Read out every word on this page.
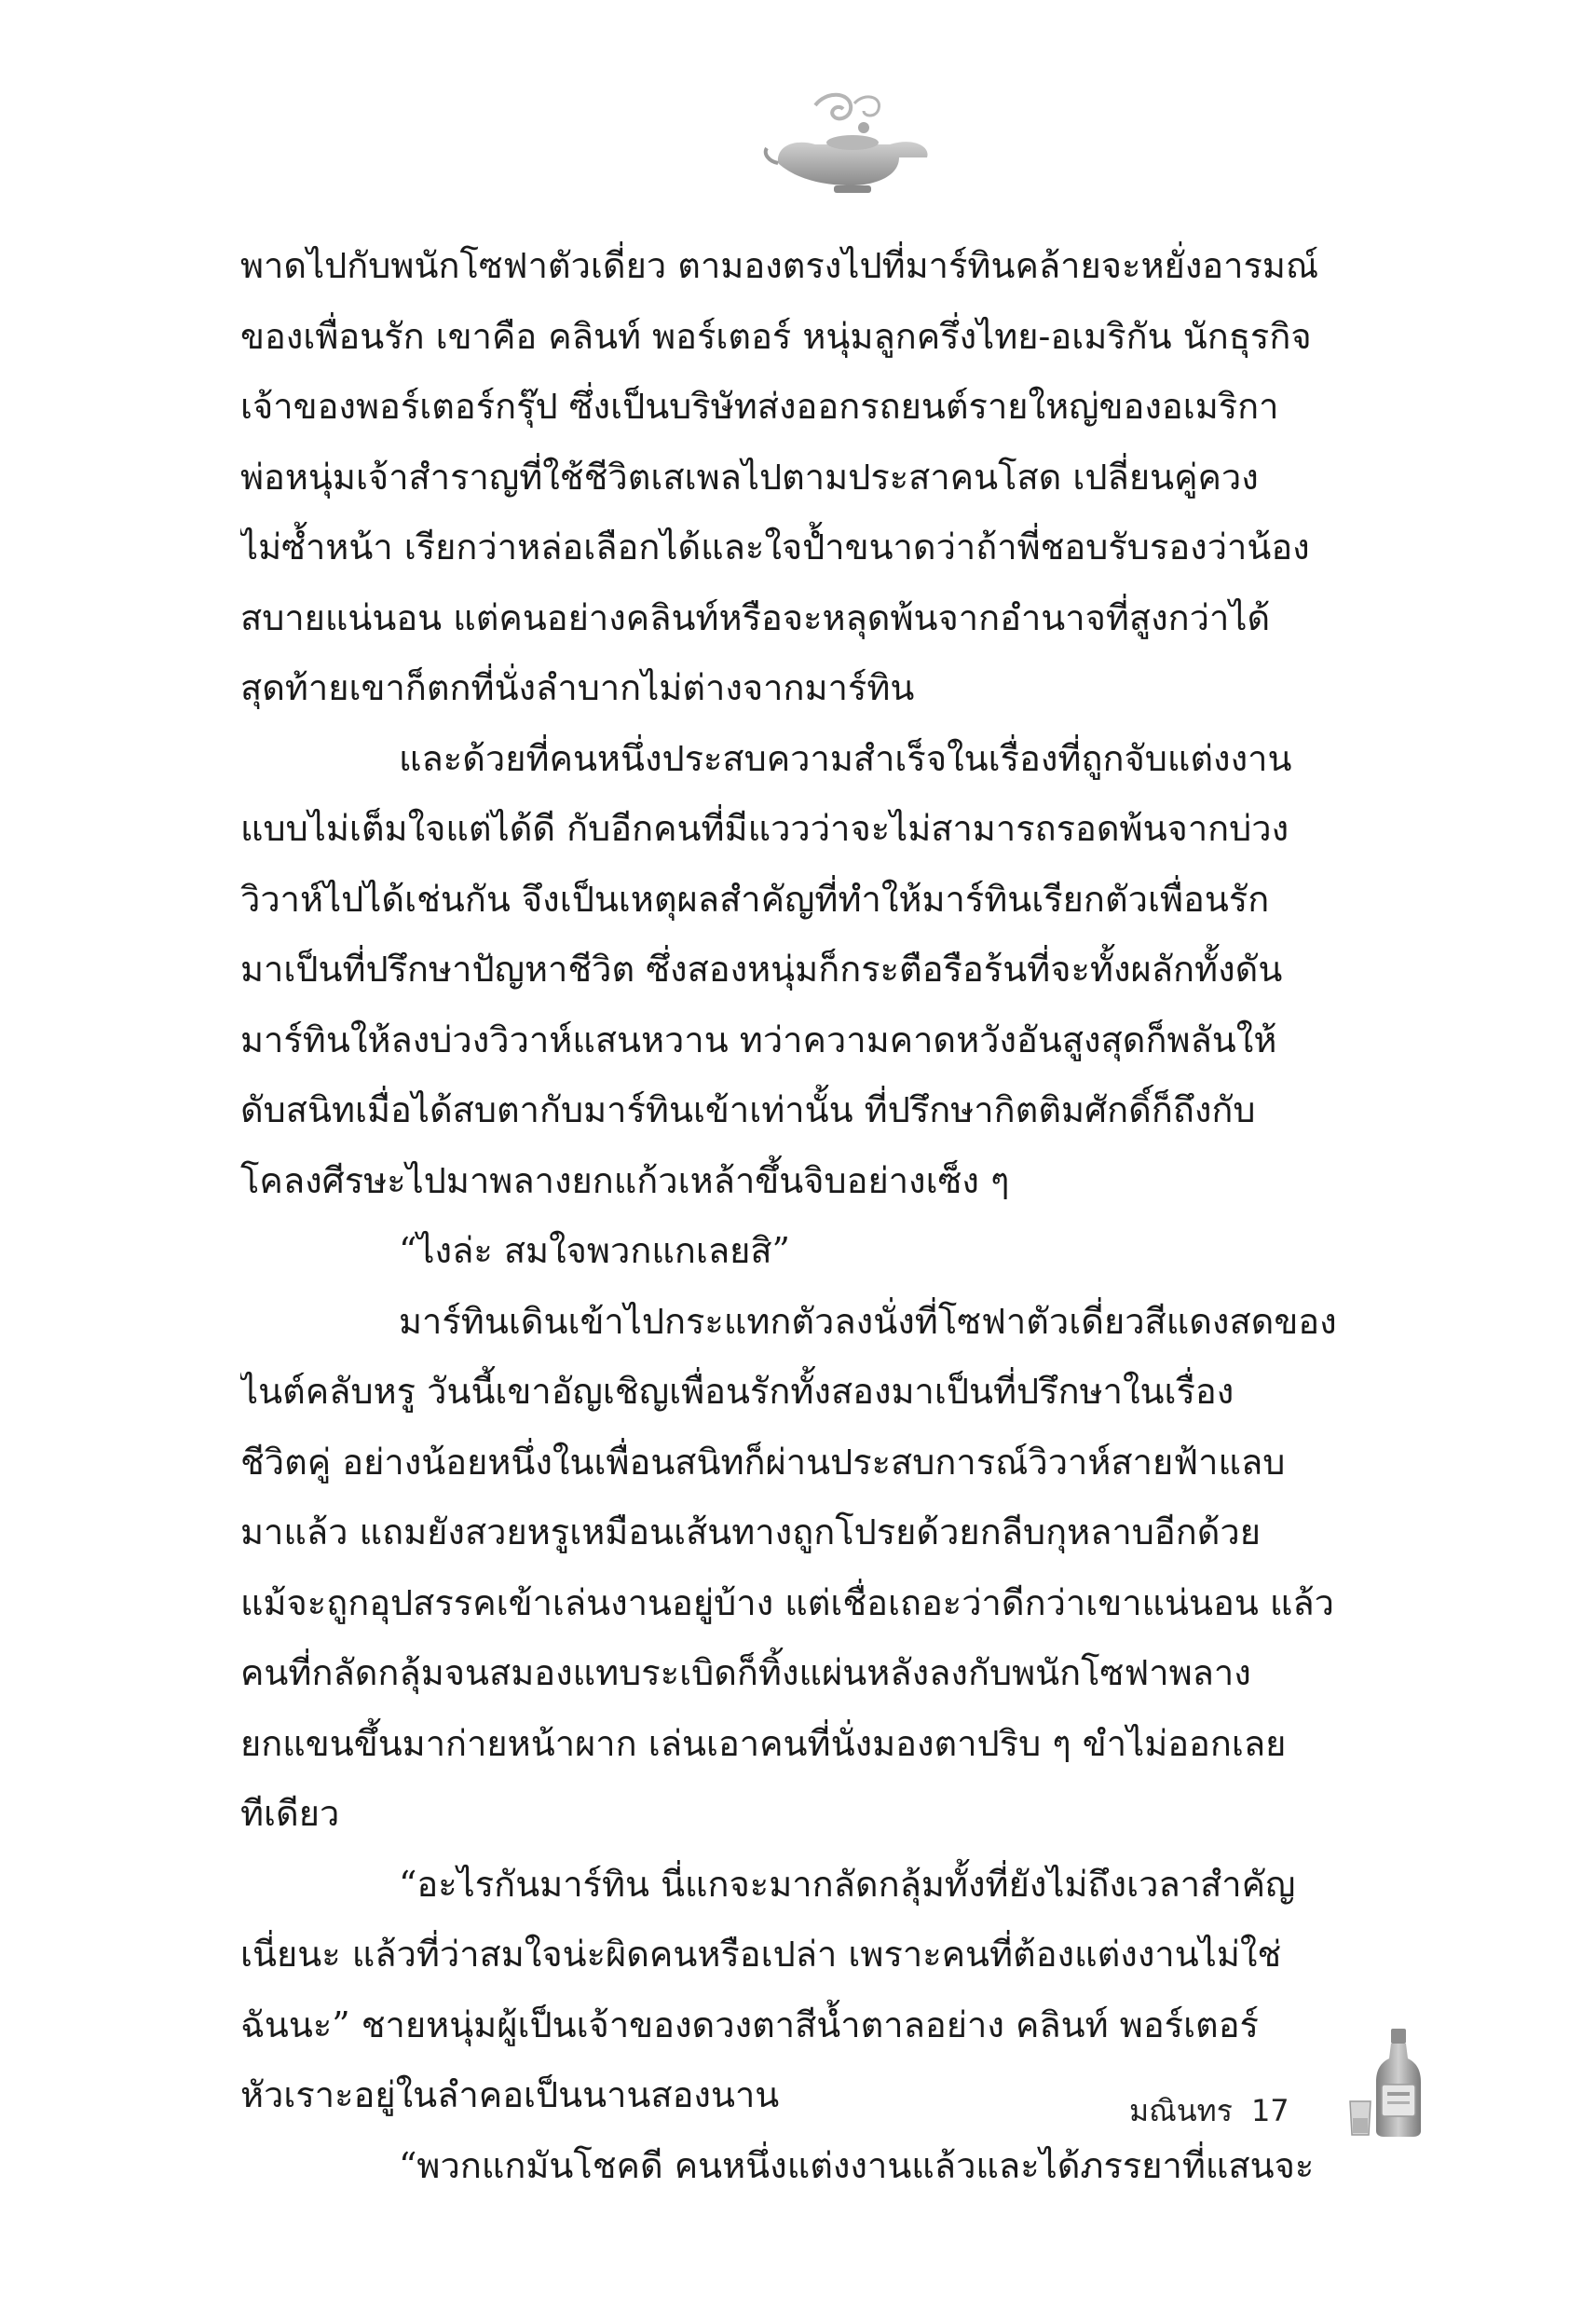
พาดไปกับพนักโซฟาตัวเดี่ยว ตามองตรงไปที่มาร์ทินคล้ายจะหยั่งอารมณ์
ของเพื่อนรัก เขาคือ คลินท์ พอร์เตอร์ หนุ่มลูกครึ่งไทย-อเมริกัน นักธุรกิจ
เจ้าของพอร์เตอร์กรุ๊ป ซึ่งเป็นบริษัทส่งออกรถยนต์รายใหญ่ของอเมริกา
พ่อหนุ่มเจ้าสำราญที่ใช้ชีวิตเสเพลไปตามประสาคนโสด เปลี่ยนคู่ควง
ไม่ซ้ำหน้า เรียกว่าหล่อเลือกได้และใจป้ำขนาดว่าถ้าพี่ชอบรับรองว่าน้อง
สบายแน่นอน แต่คนอย่างคลินท์หรือจะหลุดพ้นจากอำนาจที่สูงกว่าได้
สุดท้ายเขาก็ตกที่นั่งลำบากไม่ต่างจากมาร์ทิน
และด้วยที่คนหนึ่งประสบความสำเร็จในเรื่องที่ถูกจับแต่งงาน
แบบไม่เต็มใจแต่ได้ดี กับอีกคนที่มีแววว่าจะไม่สามารถรอดพ้นจากบ่วง
วิวาห์ไปได้เช่นกัน จึงเป็นเหตุผลสำคัญที่ทำให้มาร์ทินเรียกตัวเพื่อนรัก
มาเป็นที่ปรึกษาปัญหาชีวิต ซึ่งสองหนุ่มก็กระตือรือร้นที่จะทั้งผลักทั้งดัน
มาร์ทินให้ลงบ่วงวิวาห์แสนหวาน ทว่าความคาดหวังอันสูงสุดก็พลันให้
ดับสนิทเมื่อได้สบตากับมาร์ทินเข้าเท่านั้น ที่ปรึกษากิตติมศักดิ์ก็ถึงกับ
โคลงศีรษะไปมาพลางยกแก้วเหล้าขึ้นจิบอย่างเซ็ง ๆ
“ไงล่ะ สมใจพวกแกเลยสิ”
มาร์ทินเดินเข้าไปกระแทกตัวลงนั่งที่โซฟาตัวเดี่ยวสีแดงสดของ
ไนต์คลับหรู วันนี้เขาอัญเชิญเพื่อนรักทั้งสองมาเป็นที่ปรึกษาในเรื่อง
ชีวิตคู่ อย่างน้อยหนึ่งในเพื่อนสนิทก็ผ่านประสบการณ์วิวาห์สายฟ้าแลบ
มาแล้ว แถมยังสวยหรูเหมือนเส้นทางถูกโปรยด้วยกลีบกุหลาบอีกด้วย
แม้จะถูกอุปสรรคเข้าเล่นงานอยู่บ้าง แต่เชื่อเถอะว่าดีกว่าเขาแน่นอน แล้ว
คนที่กลัดกลุ้มจนสมองแทบระเบิดก็ทิ้งแผ่นหลังลงกับพนักโซฟาพลาง
ยกแขนขึ้นมาก่ายหน้าผาก เล่นเอาคนที่นั่งมองตาปริบ ๆ ขำไม่ออกเลย
ทีเดียว
“อะไรกันมาร์ทิน นี่แกจะมากลัดกลุ้มทั้งที่ยังไม่ถึงเวลาสำคัญ
เนี่ยนะ แล้วที่ว่าสมใจน่ะผิดคนหรือเปล่า เพราะคนที่ต้องแต่งงานไม่ใช่
ฉันนะ” ชายหนุ่มผู้เป็นเจ้าของดวงตาสีน้ำตาลอย่าง คลินท์ พอร์เตอร์
หัวเราะอยู่ในลำคอเป็นนานสองนาน
“พวกแกมันโชคดี คนหนึ่งแต่งงานแล้วและได้ภรรยาที่แสนจะ
มณินทร 17
